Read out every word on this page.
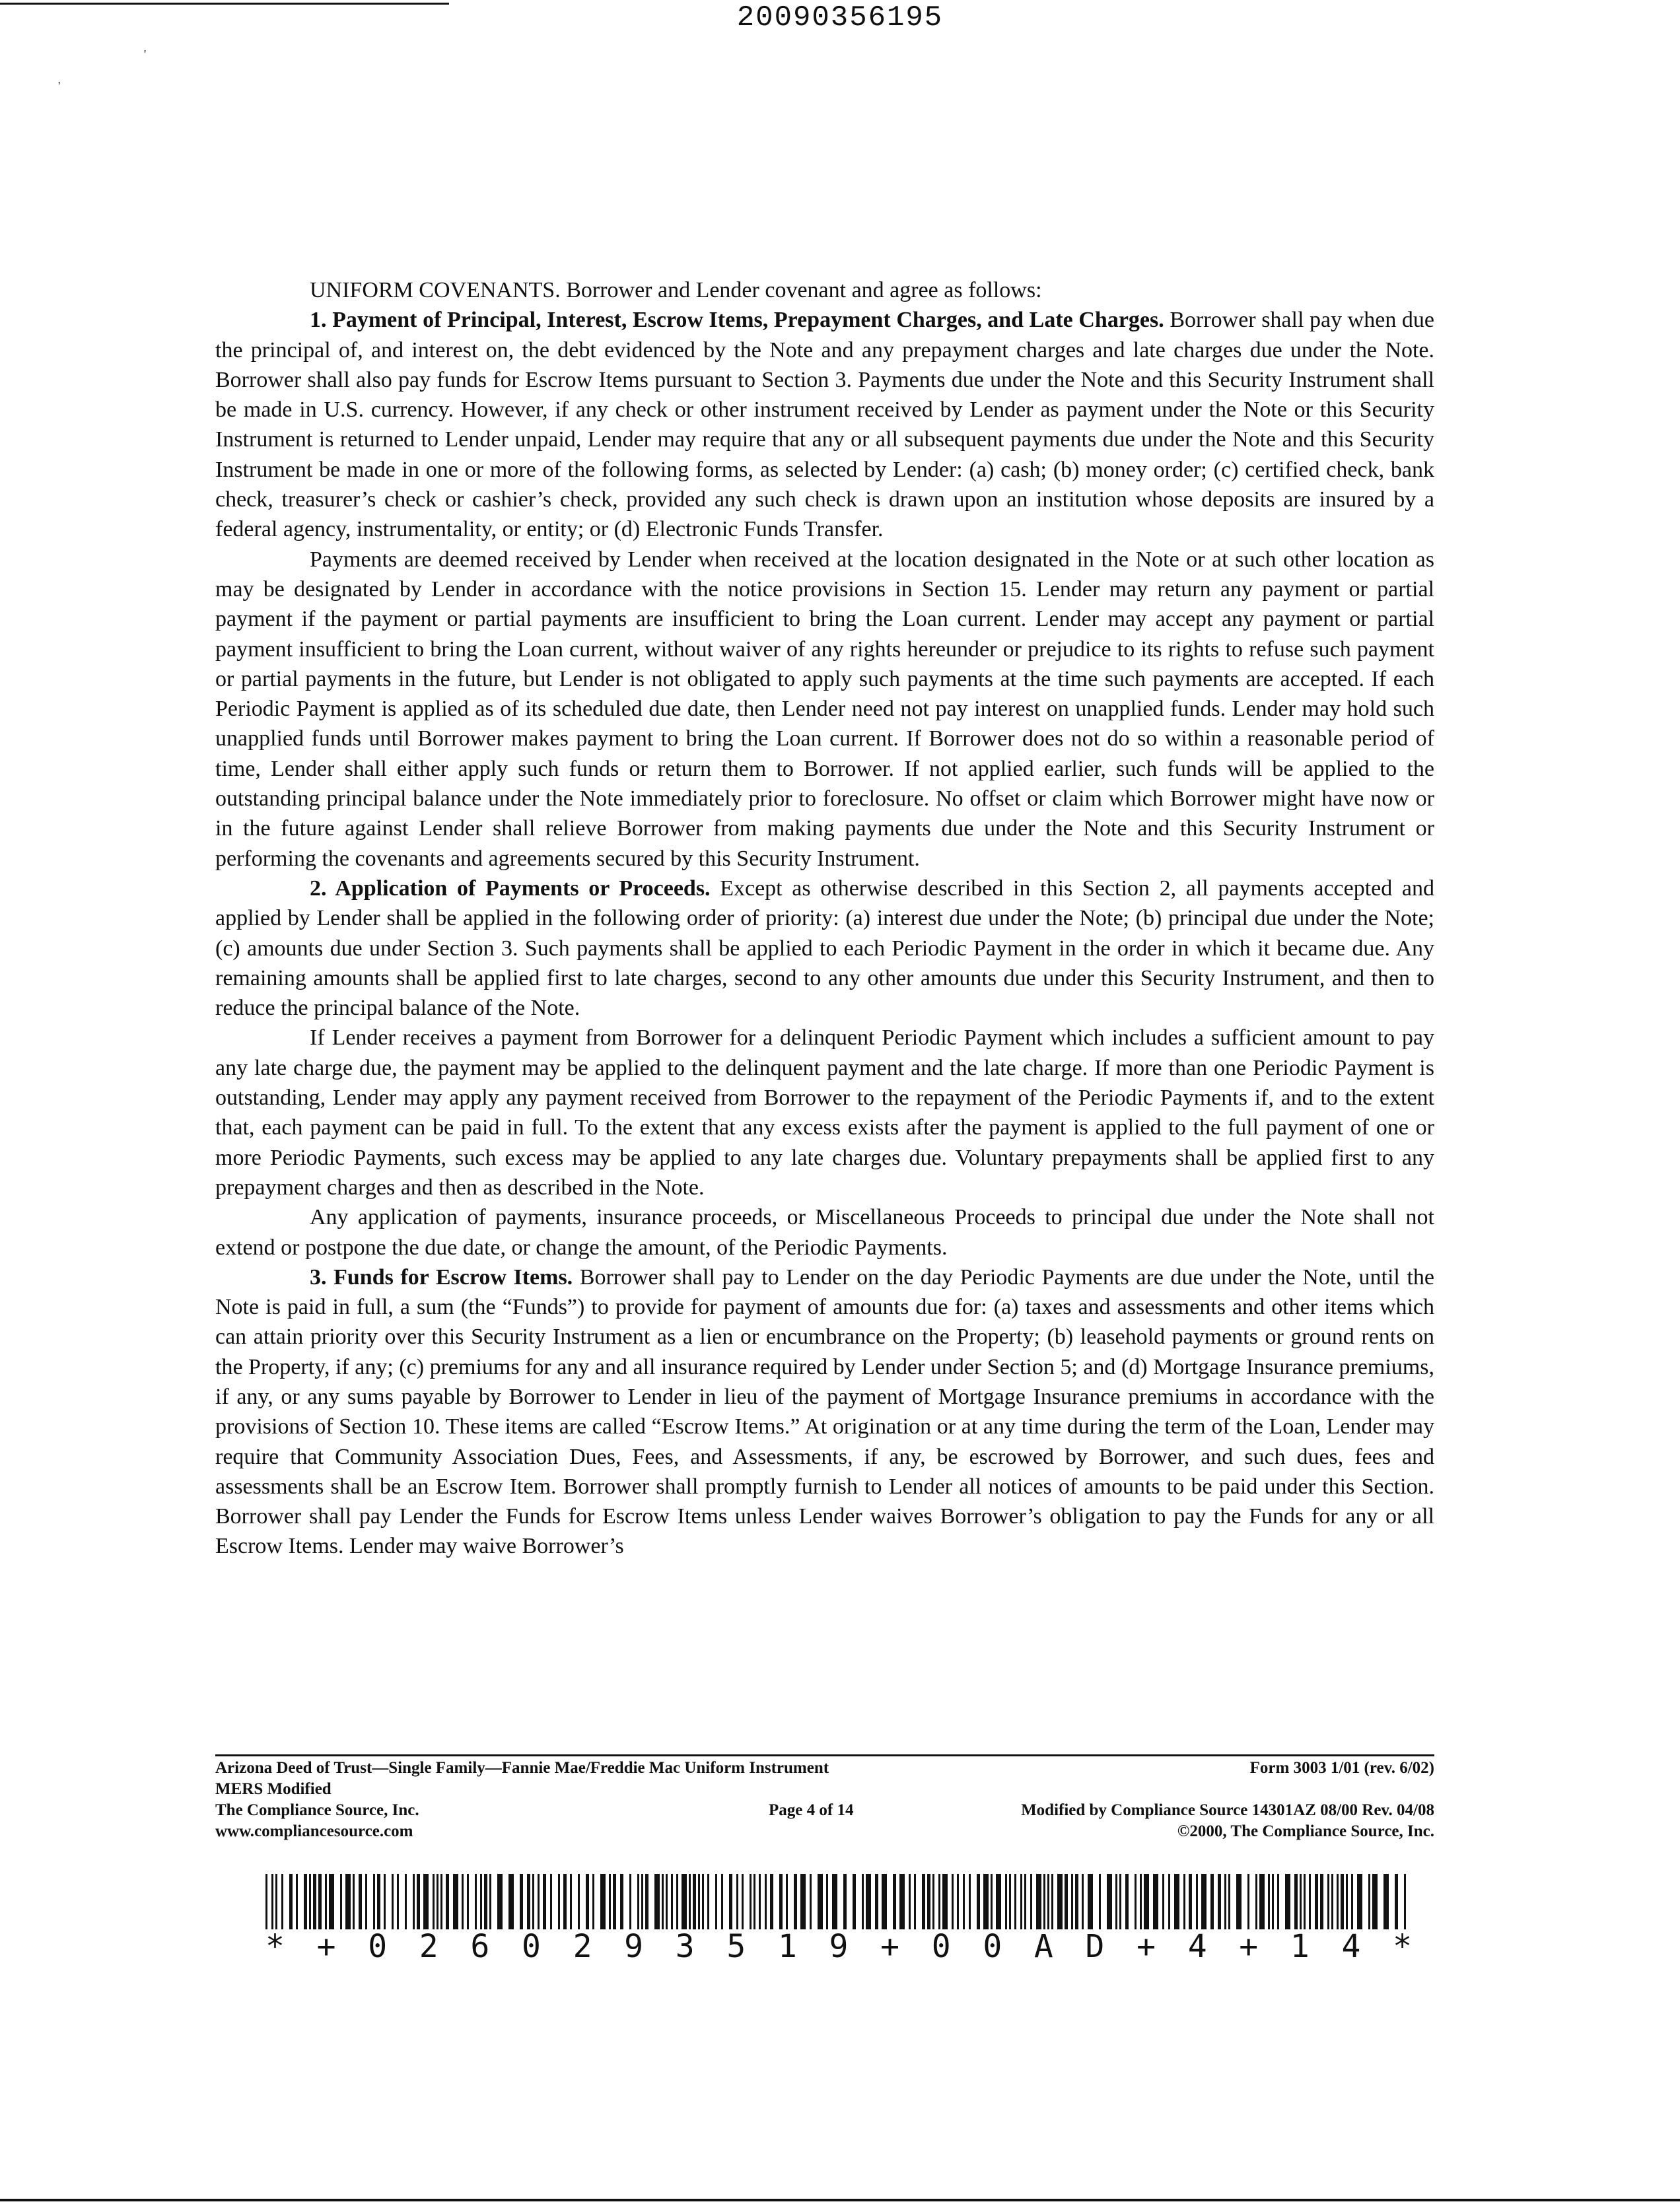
20090356195
'
'

UNIFORM COVENANTS. Borrower and Lender covenant and agree as follows:

1. Payment of Principal, Interest, Escrow Items, Prepayment Charges, and Late Charges. Borrower shall pay when due the principal of, and interest on, the debt evidenced by the Note and any prepayment charges and late charges due under the Note. Borrower shall also pay funds for Escrow Items pursuant to Section 3. Payments due under the Note and this Security Instrument shall be made in U.S. currency. However, if any check or other instrument received by Lender as payment under the Note or this Security Instrument is returned to Lender unpaid, Lender may require that any or all subsequent payments due under the Note and this Security Instrument be made in one or more of the following forms, as selected by Lender: (a) cash; (b) money order; (c) certified check, bank check, treasurer’s check or cashier’s check, provided any such check is drawn upon an institution whose deposits are insured by a federal agency, instrumentality, or entity; or (d) Electronic Funds Transfer.

Payments are deemed received by Lender when received at the location designated in the Note or at such other location as may be designated by Lender in accordance with the notice provisions in Section 15. Lender may return any payment or partial payment if the payment or partial payments are insufficient to bring the Loan current. Lender may accept any payment or partial payment insufficient to bring the Loan current, without waiver of any rights hereunder or prejudice to its rights to refuse such payment or partial payments in the future, but Lender is not obligated to apply such payments at the time such payments are accepted. If each Periodic Payment is applied as of its scheduled due date, then Lender need not pay interest on unapplied funds. Lender may hold such unapplied funds until Borrower makes payment to bring the Loan current. If Borrower does not do so within a reasonable period of time, Lender shall either apply such funds or return them to Borrower. If not applied earlier, such funds will be applied to the outstanding principal balance under the Note immediately prior to foreclosure. No offset or claim which Borrower might have now or in the future against Lender shall relieve Borrower from making payments due under the Note and this Security Instrument or performing the covenants and agreements secured by this Security Instrument.

2. Application of Payments or Proceeds. Except as otherwise described in this Section 2, all payments accepted and applied by Lender shall be applied in the following order of priority: (a) interest due under the Note; (b) principal due under the Note; (c) amounts due under Section 3. Such payments shall be applied to each Periodic Payment in the order in which it became due. Any remaining amounts shall be applied first to late charges, second to any other amounts due under this Security Instrument, and then to reduce the principal balance of the Note.

If Lender receives a payment from Borrower for a delinquent Periodic Payment which includes a sufficient amount to pay any late charge due, the payment may be applied to the delinquent payment and the late charge. If more than one Periodic Payment is outstanding, Lender may apply any payment received from Borrower to the repayment of the Periodic Payments if, and to the extent that, each payment can be paid in full. To the extent that any excess exists after the payment is applied to the full payment of one or more Periodic Payments, such excess may be applied to any late charges due. Voluntary prepayments shall be applied first to any prepayment charges and then as described in the Note.

Any application of payments, insurance proceeds, or Miscellaneous Proceeds to principal due under the Note shall not extend or postpone the due date, or change the amount, of the Periodic Payments.

3. Funds for Escrow Items. Borrower shall pay to Lender on the day Periodic Payments are due under the Note, until the Note is paid in full, a sum (the “Funds”) to provide for payment of amounts due for: (a) taxes and assessments and other items which can attain priority over this Security Instrument as a lien or encumbrance on the Property; (b) leasehold payments or ground rents on the Property, if any; (c) premiums for any and all insurance required by Lender under Section 5; and (d) Mortgage Insurance premiums, if any, or any sums payable by Borrower to Lender in lieu of the payment of Mortgage Insurance premiums in accordance with the provisions of Section 10. These items are called “Escrow Items.” At origination or at any time during the term of the Loan, Lender may require that Community Association Dues, Fees, and Assessments, if any, be escrowed by Borrower, and such dues, fees and assessments shall be an Escrow Item. Borrower shall promptly furnish to Lender all notices of amounts to be paid under this Section. Borrower shall pay Lender the Funds for Escrow Items unless Lender waives Borrower’s obligation to pay the Funds for any or all Escrow Items. Lender may waive Borrower’s

Arizona Deed of Trust—Single Family—Fannie Mae/Freddie Mac Uniform Instrument	Form 3003 1/01 (rev. 6/02)
MERS Modified
The Compliance Source, Inc.	Page 4 of 14	Modified by Compliance Source 14301AZ 08/00 Rev. 04/08
www.compliancesource.com	©2000, The Compliance Source, Inc.
* + 0 2 6 0 2 9 3 5 1 9 + 0 0 A D + 4 + 1 4 *
